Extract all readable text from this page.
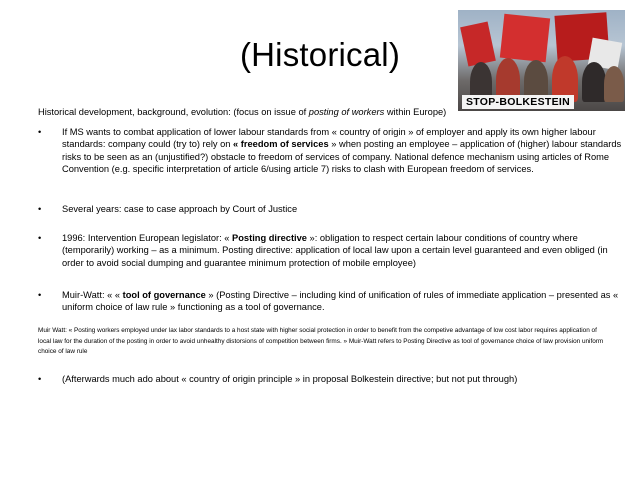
(Historical)
STOP-BOLKESTEIN
Historical development, background, evolution: (focus on issue of posting of workers within Europe)
• If MS wants to combat application of lower labour standards from « country of origin » of employer and apply its own higher labour standards: company could (try to) rely on « freedom of services » when posting an employee – application of (higher) labour standards risks to be seen as an (unjustified?) obstacle to freedom of services of company. National defence mechanism using articles of Rome Convention (e.g. specific interpretation of article 6/using article 7) risks to clash with European freedom of services.
• Several years: case to case approach by Court of Justice
• 1996: Intervention European legislator: « Posting directive »: obligation to respect certain labour conditions of country where (temporarily) working – as a minimum. Posting directive: application of local law upon a certain level guaranteed and even obliged (in order to avoid social dumping and guarantee minimum protection of mobile employee)
• Muir-Watt: « « tool of governance » (Posting Directive – including kind of unification of rules of immediate application – presented as « uniform choice of law rule » functioning as a tool of governance.
Muir Watt: « Posting workers employed under lax labor standards to a host state with higher social protection in order to benefit from the competive advantage of low cost labor requires application of local law for the duration of the posting in order to avoid unhealthy distorsions of competition between firms. » Muir-Watt refers to Posting Directive as tool of governance choice of law provision uniform choice of law rule
• (Afterwards much ado about « country of origin principle » in proposal Bolkestein directive; but not put through)
